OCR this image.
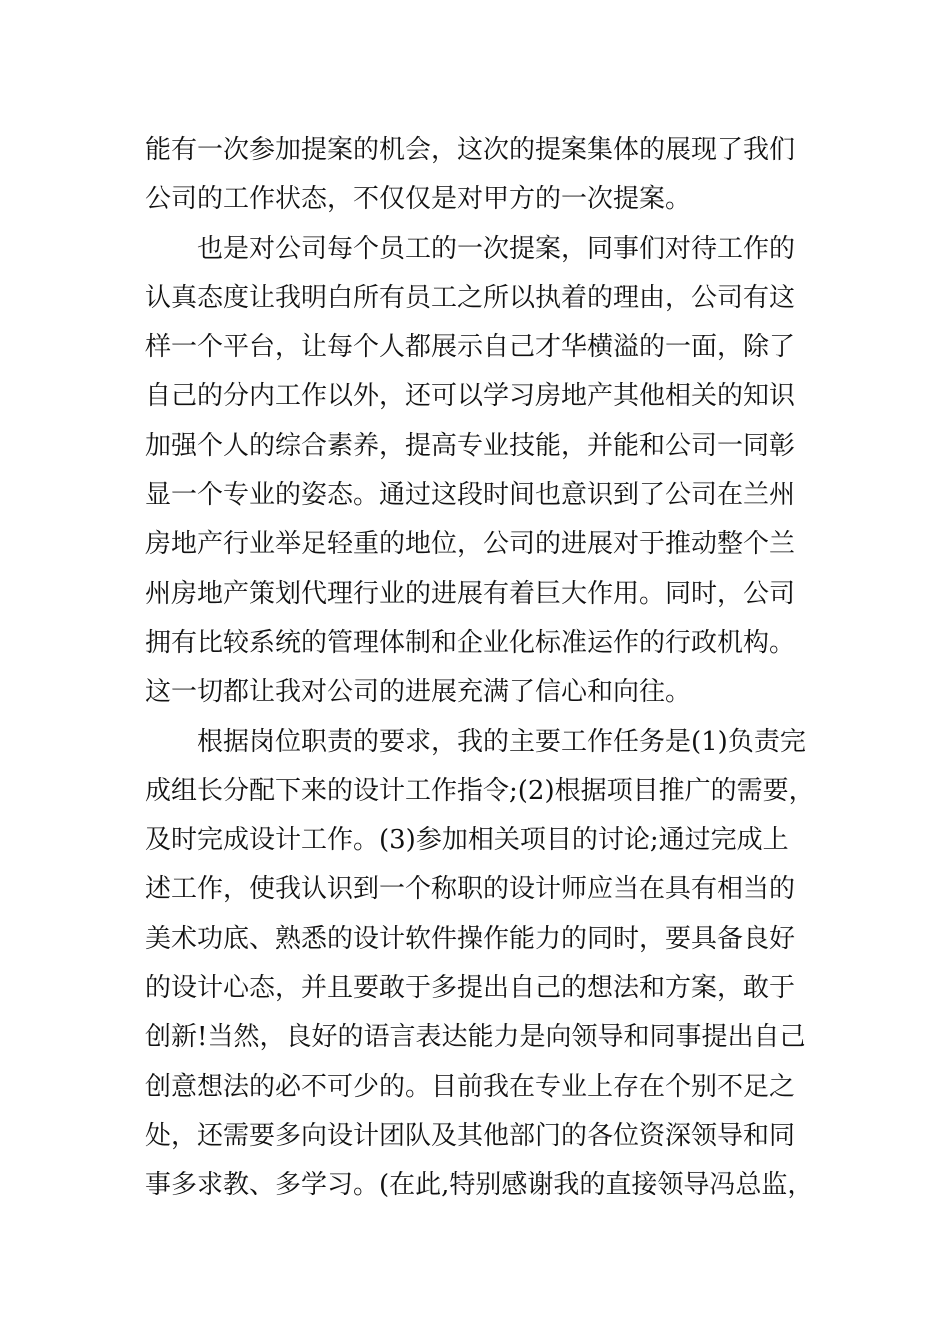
能有一次参加提案的机会，这次的提案集体的展现了我们
公司的工作状态，不仅仅是对甲方的一次提案。
也是对公司每个员工的一次提案，同事们对待工作的
认真态度让我明白所有员工之所以执着的理由，公司有这
样一个平台，让每个人都展示自己才华横溢的一面，除了
自己的分内工作以外，还可以学习房地产其他相关的知识
加强个人的综合素养，提高专业技能，并能和公司一同彰
显一个专业的姿态。通过这段时间也意识到了公司在兰州
房地产行业举足轻重的地位，公司的进展对于推动整个兰
州房地产策划代理行业的进展有着巨大作用。同时，公司
拥有比较系统的管理体制和企业化标准运作的行政机构。
这一切都让我对公司的进展充满了信心和向往。
根据岗位职责的要求，我的主要工作任务是(1)负责完
成组长分配下来的设计工作指令;(2)根据项目推广的需要，
及时完成设计工作。(3)参加相关项目的讨论;通过完成上
述工作，使我认识到一个称职的设计师应当在具有相当的
美术功底、熟悉的设计软件操作能力的同时，要具备良好
的设计心态，并且要敢于多提出自己的想法和方案，敢于
创新!当然，良好的语言表达能力是向领导和同事提出自己
创意想法的必不可少的。目前我在专业上存在个别不足之
处，还需要多向设计团队及其他部门的各位资深领导和同
事多求教、多学习。(在此,特别感谢我的直接领导冯总监，
